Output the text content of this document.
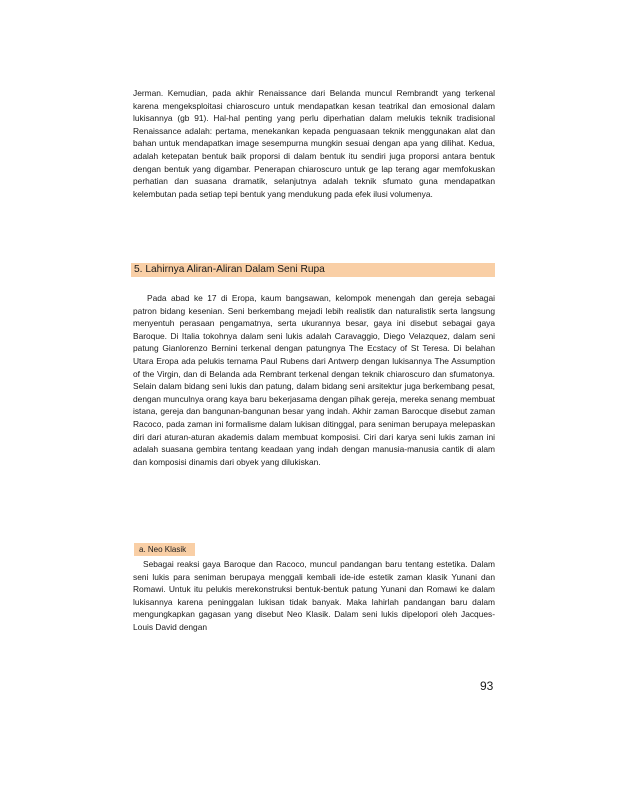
Jerman. Kemudian, pada akhir Renaissance dari Belanda muncul Rembrandt yang terkenal karena mengeksploitasi chiaroscuro untuk mendapatkan kesan teatrikal dan emosional dalam lukisannya (gb 91). Hal-hal penting yang perlu diperhatian dalam melukis teknik tradisional Renaissance adalah: pertama, menekankan kepada penguasaan teknik menggunakan alat dan bahan untuk mendapatkan image sesempurna mungkin sesuai dengan apa yang dilihat. Kedua, adalah ketepatan bentuk baik proporsi di dalam bentuk itu sendiri juga proporsi antara bentuk dengan bentuk yang digambar. Penerapan chiaroscuro untuk ge lap terang agar memfokuskan perhatian dan suasana dramatik, selanjutnya adalah teknik sfumato guna mendapatkan kelembutan pada setiap tepi bentuk yang mendukung pada efek ilusi volumenya.

5. Lahirnya Aliran-Aliran Dalam Seni Rupa

Pada abad ke 17 di Eropa, kaum bangsawan, kelompok menengah dan gereja sebagai patron bidang kesenian. Seni berkembang mejadi lebih realistik dan naturalistik serta langsung menyentuh perasaan pengamatnya, serta ukurannya besar, gaya ini disebut sebagai gaya Baroque. Di Italia tokohnya dalam seni lukis adalah Caravaggio, Diego Velazquez, dalam seni patung Gianlorenzo Bernini terkenal dengan patungnya The Ecstacy of St Teresa. Di belahan Utara Eropa ada pelukis ternama Paul Rubens dari Antwerp dengan lukisannya The Assumption of the Virgin, dan di Belanda ada Rembrant terkenal dengan teknik chiaroscuro dan sfumatonya. Selain dalam bidang seni lukis dan patung, dalam bidang seni arsitektur juga berkembang pesat, dengan munculnya orang kaya baru bekerjasama dengan pihak gereja, mereka senang membuat istana, gereja dan bangunan-bangunan besar yang indah. Akhir zaman Barocque disebut zaman Racoco, pada zaman ini formalisme dalam lukisan ditinggal, para seniman berupaya melepaskan diri dari aturan-aturan akademis dalam membuat komposisi. Ciri dari karya seni lukis zaman ini adalah suasana gembira tentang keadaan yang indah dengan manusia-manusia cantik di alam dan komposisi dinamis dari obyek yang dilukiskan.

a. Neo Klasik

Sebagai reaksi gaya Baroque dan Racoco, muncul pandangan baru tentang estetika. Dalam seni lukis para seniman berupaya menggali kembali ide-ide estetik zaman klasik Yunani dan Romawi. Untuk itu pelukis merekonstruksi bentuk-bentuk patung Yunani dan Romawi ke dalam lukisannya karena peninggalan lukisan tidak banyak. Maka lahirlah pandangan baru dalam mengungkapkan gagasan yang disebut Neo Klasik. Dalam seni lukis dipelopori oleh Jacques-Louis David dengan

93
